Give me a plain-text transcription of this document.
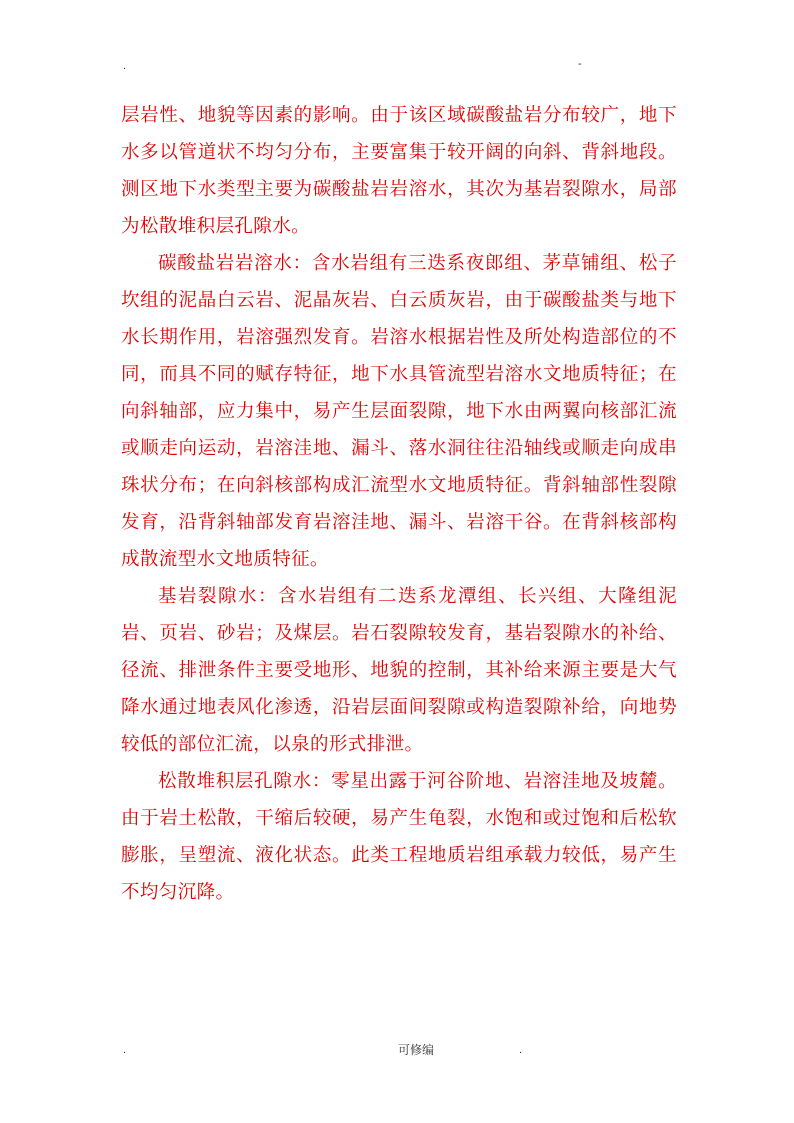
.	-

层岩性、地貌等因素的影响。由于该区域碳酸盐岩分布较广，地下水多以管道状不均匀分布，主要富集于较开阔的向斜、背斜地段。测区地下水类型主要为碳酸盐岩岩溶水，其次为基岩裂隙水，局部为松散堆积层孔隙水。

碳酸盐岩岩溶水：含水岩组有三迭系夜郎组、茅草铺组、松子坎组的泥晶白云岩、泥晶灰岩、白云质灰岩，由于碳酸盐类与地下水长期作用，岩溶强烈发育。岩溶水根据岩性及所处构造部位的不同，而具不同的赋存特征，地下水具管流型岩溶水文地质特征；在向斜轴部，应力集中，易产生层面裂隙，地下水由两翼向核部汇流或顺走向运动，岩溶洼地、漏斗、落水洞往往沿轴线或顺走向成串珠状分布；在向斜核部构成汇流型水文地质特征。背斜轴部性裂隙发育，沿背斜轴部发育岩溶洼地、漏斗、岩溶干谷。在背斜核部构成散流型水文地质特征。

基岩裂隙水：含水岩组有二迭系龙潭组、长兴组、大隆组泥岩、页岩、砂岩；及煤层。岩石裂隙较发育，基岩裂隙水的补给、径流、排泄条件主要受地形、地貌的控制，其补给来源主要是大气降水通过地表风化渗透，沿岩层面间裂隙或构造裂隙补给，向地势较低的部位汇流，以泉的形式排泄。

松散堆积层孔隙水：零星出露于河谷阶地、岩溶洼地及坡麓。由于岩土松散，干缩后较硬，易产生龟裂，水饱和或过饱和后松软膨胀，呈塑流、液化状态。此类工程地质岩组承载力较低，易产生不均匀沉降。

.	可修编	.
